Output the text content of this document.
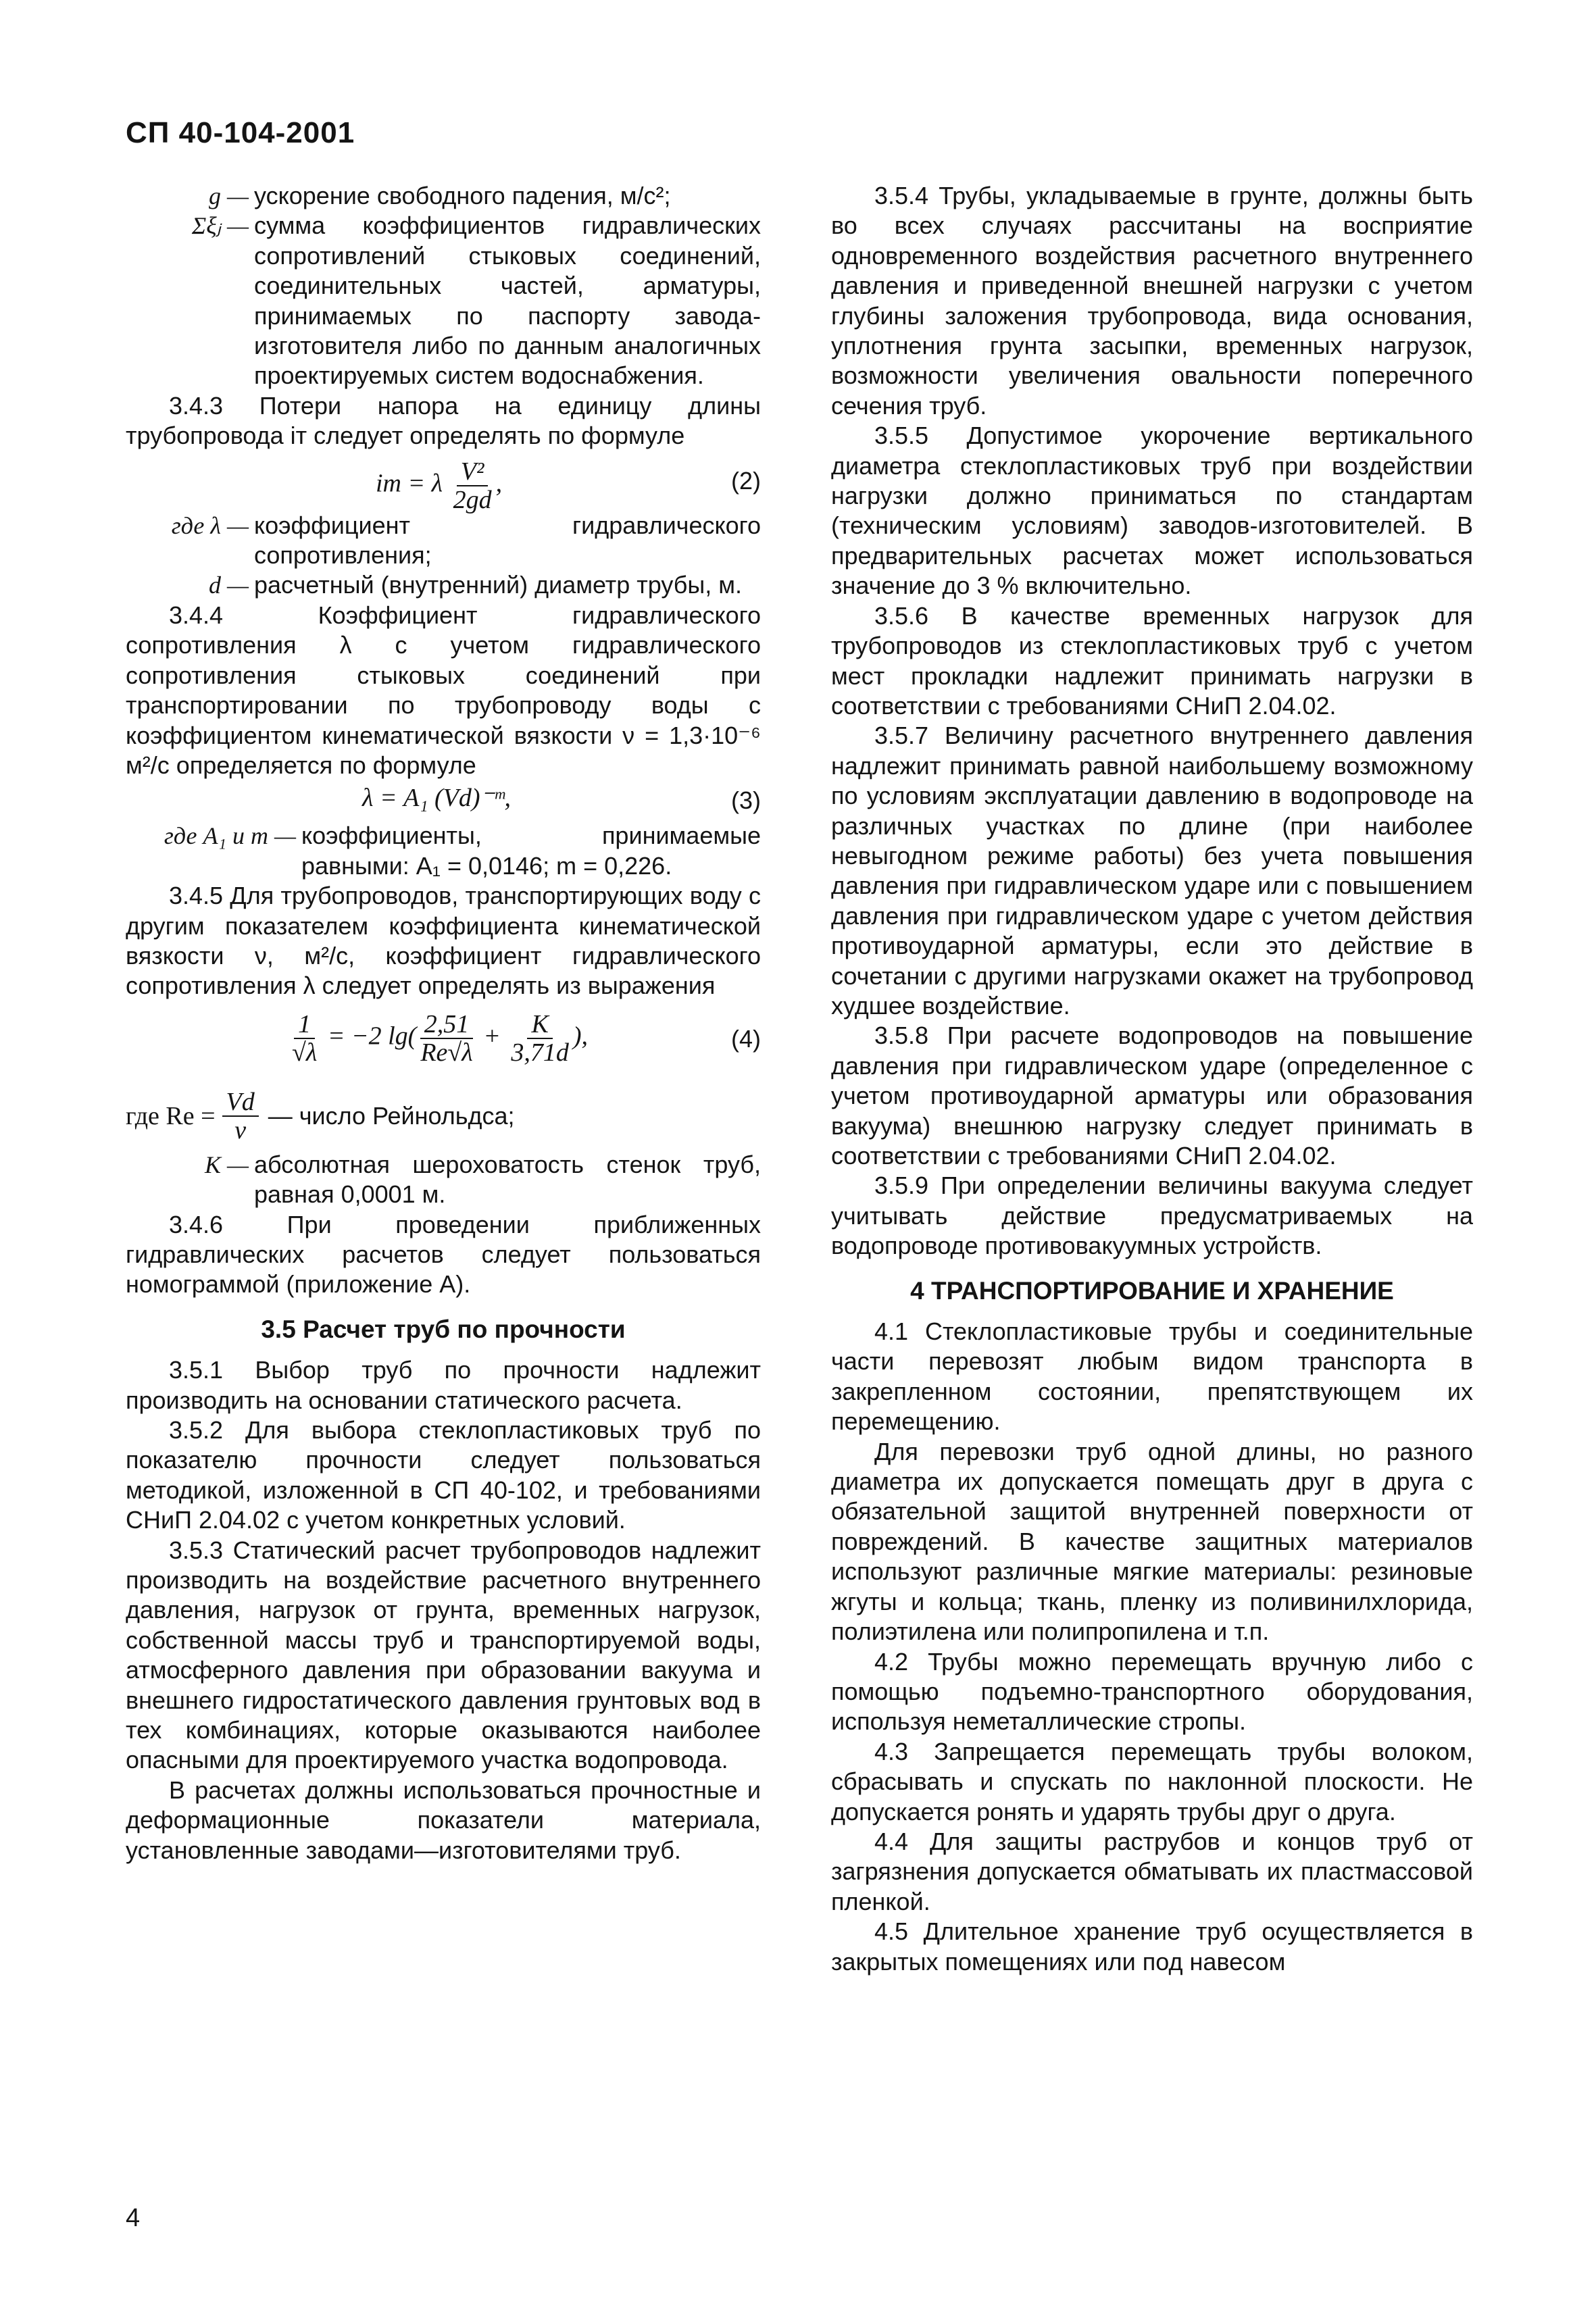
СП 40-104-2001
g — ускорение свободного падения, м/с²;
Σξⱼ — сумма коэффициентов гидравлических сопротивлений стыковых соединений, соединительных частей, арматуры, принимаемых по паспорту завода-изготовителя либо по данным аналогичных проектируемых систем водоснабжения.

3.4.3 Потери напора на единицу длины трубопровода iт следует определять по формуле

iт = λ $\frac{\text{V²}}{2gd}$ ,	(2)
где λ — коэффициент гидравлического сопротивления;
d — расчетный (внутренний) диаметр трубы, м.

3.4.4 Коэффициент гидравлического сопротивления λ с учетом гидравлического сопротивления стыковых соединений при транспортировании по трубопроводу воды с коэффициентом кинематической вязкости ν = 1,3·10⁻⁶ м²/с определяется по формуле

λ = A₁ (Vd)⁻ᵐ,	(3)
где A₁ и m — коэффициенты, принимаемые равными: A₁ = 0,0146; m = 0,226.

3.4.5 Для трубопроводов, транспортирующих воду с другим показателем коэффициента кинематической вязкости ν, м²/с, коэффициент гидравлического сопротивления λ следует определять из выражения

$\frac{1}{√\lambda} = -2$ $\lg( \frac{2,51}{Re√\lambda} + \frac{K}{3,71d}$ ),	(4)
где $Re = \frac{Vd}{\nu}$ — число Рейнольдса;
K — абсолютная шероховатость стенок труб, равная 0,0001 м.

3.4.6 При проведении приближенных гидравлических расчетов следует пользоваться номограммой (приложение А).

3.5 Расчет труб по прочности

3.5.1 Выбор труб по прочности надлежит производить на основании статического расчета.

3.5.2 Для выбора стеклопластиковых труб по показателю прочности следует пользоваться методикой, изложенной в СП 40-102, и требованиями СНиП 2.04.02 с учетом конкретных условий.

3.5.3 Статический расчет трубопроводов надлежит производить на воздействие расчетного внутреннего давления, нагрузок от грунта, временных нагрузок, собственной массы труб и транспортируемой воды, атмосферного давления при образовании вакуума и внешнего гидростатического давления грунтовых вод в тех комбинациях, которые оказываются наиболее опасными для проектируемого участка водопровода.

В расчетах должны использоваться прочностные и деформационные показатели материала, установленные заводами—изготовителями труб.

3.5.4 Трубы, укладываемые в грунте, должны быть во всех случаях рассчитаны на восприятие одновременного воздействия расчетного внутреннего давления и приведенной внешней нагрузки с учетом глубины заложения трубопровода, вида основания, уплотнения грунта засыпки, временных нагрузок, возможности увеличения овальности поперечного сечения труб.

3.5.5 Допустимое укорочение вертикального диаметра стеклопластиковых труб при воздействии нагрузки должно приниматься по стандартам (техническим условиям) заводов-изготовителей. В предварительных расчетах может использоваться значение до 3 % включительно.

3.5.6 В качестве временных нагрузок для трубопроводов из стеклопластиковых труб с учетом мест прокладки надлежит принимать нагрузки в соответствии с требованиями СНиП 2.04.02.

3.5.7 Величину расчетного внутреннего давления надлежит принимать равной наибольшему возможному по условиям эксплуатации давлению в водопроводе на различных участках по длине (при наиболее невыгодном режиме работы) без учета повышения давления при гидравлическом ударе или с повышением давления при гидравлическом ударе с учетом действия противоударной арматуры, если это действие в сочетании с другими нагрузками окажет на трубопровод худшее воздействие.

3.5.8 При расчете водопроводов на повышение давления при гидравлическом ударе (определенное с учетом противоударной арматуры или образования вакуума) внешнюю нагрузку следует принимать в соответствии с требованиями СНиП 2.04.02.

3.5.9 При определении величины вакуума следует учитывать действие предусматриваемых на водопроводе противовакуумных устройств.

4 ТРАНСПОРТИРОВАНИЕ И ХРАНЕНИЕ

4.1 Стеклопластиковые трубы и соединительные части перевозят любым видом транспорта в закрепленном состоянии, препятствующем их перемещению.

Для перевозки труб одной длины, но разного диаметра их допускается помещать друг в друга с обязательной защитой внутренней поверхности от повреждений. В качестве защитных материалов используют различные мягкие материалы: резиновые жгуты и кольца; ткань, пленку из поливинилхлорида, полиэтилена или полипропилена и т.п.

4.2 Трубы можно перемещать вручную либо с помощью подъемно-транспортного оборудования, используя неметаллические стропы.

4.3 Запрещается перемещать трубы волоком, сбрасывать и спускать по наклонной плоскости. Не допускается ронять и ударять трубы друг о друга.

4.4 Для защиты раструбов и концов труб от загрязнения допускается обматывать их пластмассовой пленкой.

4.5 Длительное хранение труб осуществляется в закрытых помещениях или под навесом

4
